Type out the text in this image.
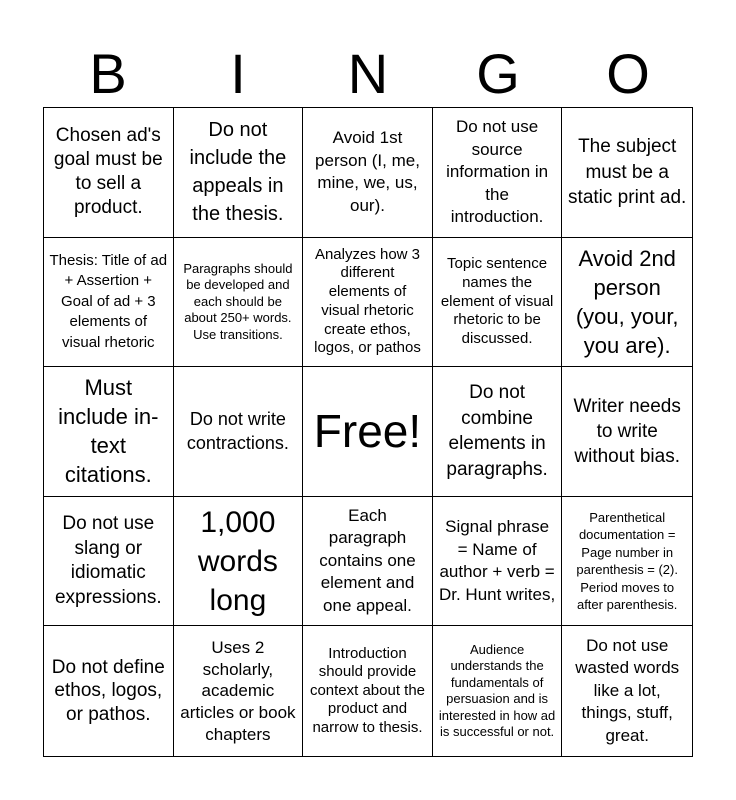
B	I	N	G	O
Chosen ad's goal must be to sell a product.
Do not include the appeals in the thesis.
Avoid 1st person (I, me, mine, we, us, our).
Do not use source information in the introduction.
The subject must be a static print ad.
Thesis: Title of ad + Assertion + Goal of ad + 3 elements of visual rhetoric
Paragraphs should be developed and each should be about 250+ words. Use transitions.
Analyzes how 3 different elements of visual rhetoric create ethos, logos, or pathos
Topic sentence names the element of visual rhetoric to be discussed.
Avoid 2nd person (you, your, you are).
Must include in-text citations.
Do not write contractions. Free!
Do not combine elements in paragraphs.
Writer needs to write without bias.
Do not use slang or idiomatic expressions.
1,000 words long
Each paragraph contains one element and one appeal.
Signal phrase = Name of author + verb = Dr. Hunt writes,
Parenthetical documentation = Page number in parenthesis = (2). Period moves to after parenthesis.
Do not define ethos, logos, or pathos.
Uses 2 scholarly, academic articles or book chapters
Introduction should provide context about the product and narrow to thesis.
Audience understands the fundamentals of persuasion and is interested in how ad is successful or not.
Do not use wasted words like a lot, things, stuff, great.
